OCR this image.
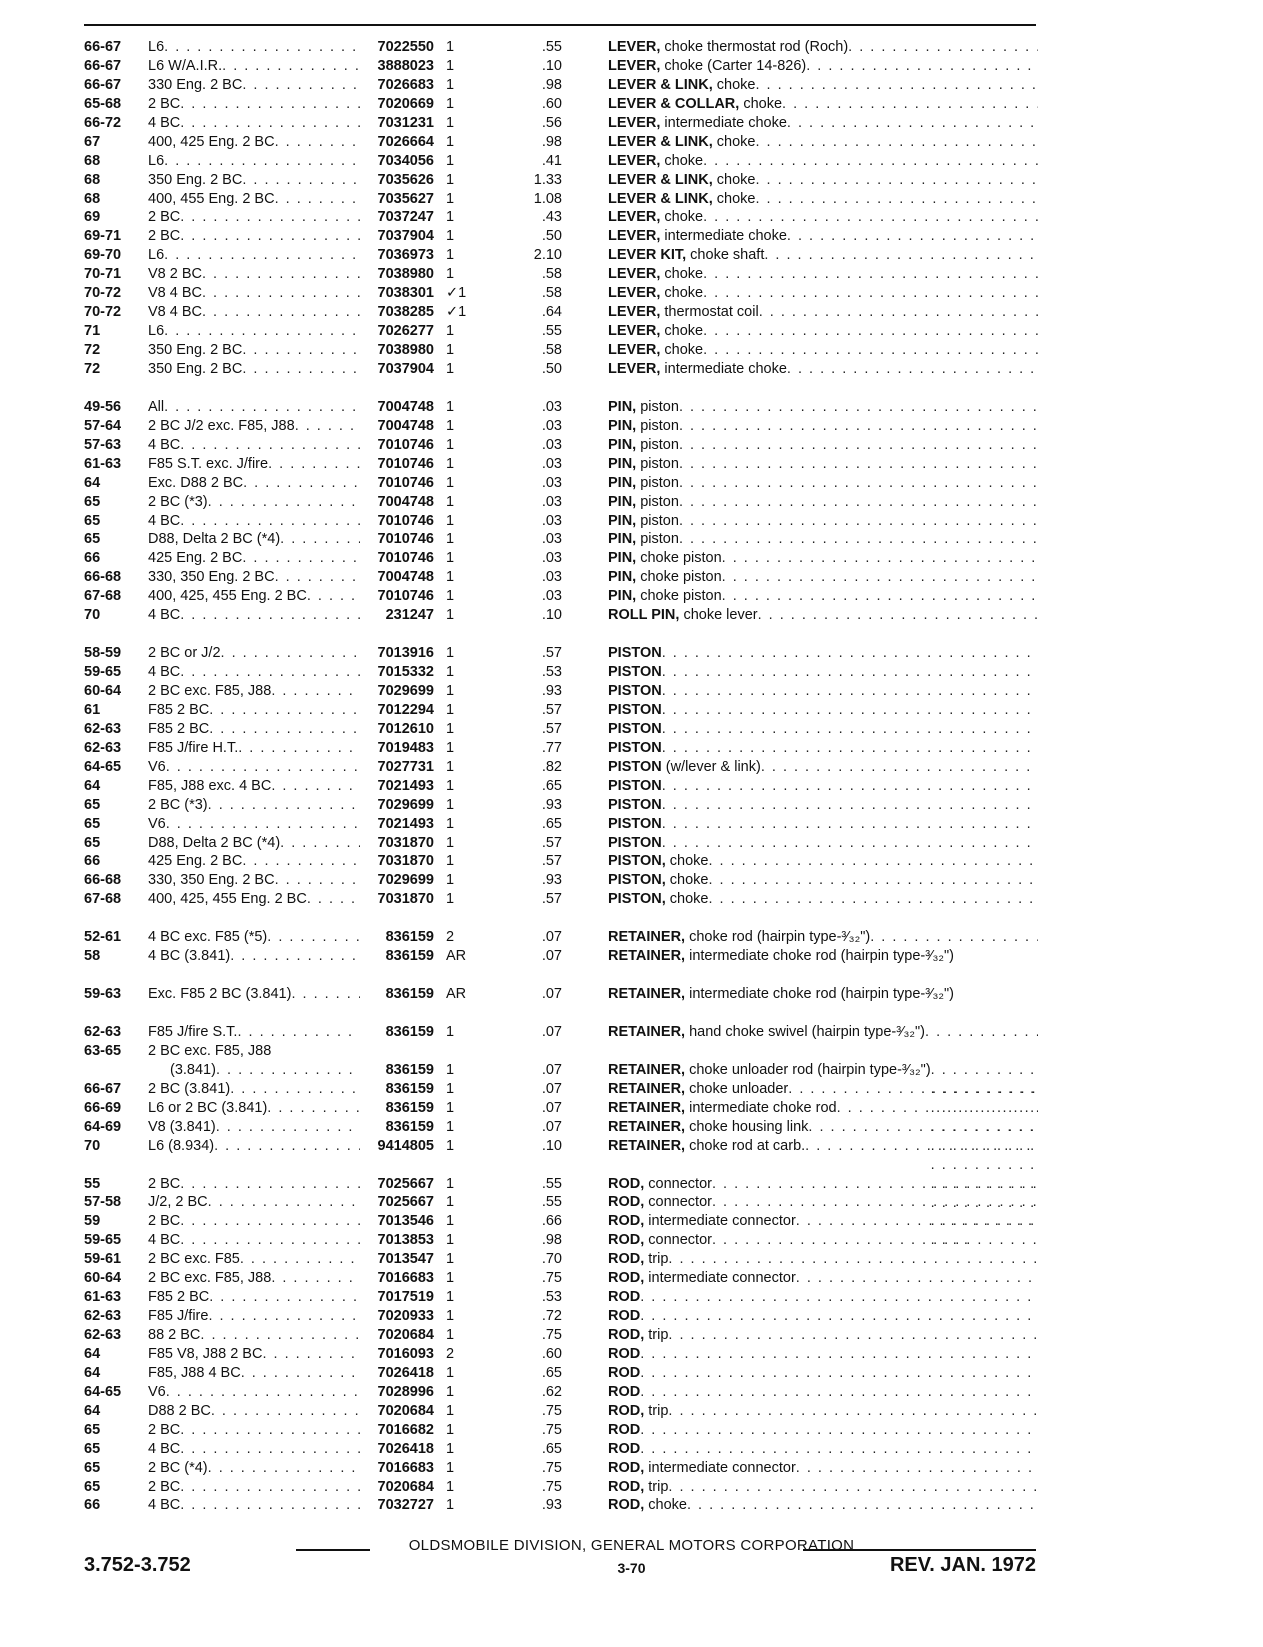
66-67	L6 . . .	7022550 1	.55	LEVER, choke thermostat rod (Roch)
. . .
66-67	L6 W/A.I.R. . . .	3888023 1	.10	LEVER, choke (Carter 14-826)
. . .
66-67	330 Eng. 2 BC . . .	7026683 1	.98	LEVER & LINK, choke
. . .
65-68	2 BC . . .	7020669 1	.60	LEVER & COLLAR, choke
. . .
66-72	4 BC . . .	7031231 1	.56	LEVER, intermediate choke
. . .
67	400, 425 Eng. 2 BC . . .	7026664 1	.98	LEVER & LINK, choke
. . .
68	L6 . . .	7034056 1	.41	LEVER, choke
. . .
68	350 Eng. 2 BC . . .	7035626 1	1.33	LEVER & LINK, choke
. . .
68	400, 455 Eng. 2 BC . . .	7035627 1	1.08	LEVER & LINK, choke
. . .
69	2 BC . . .	7037247 1	.43	LEVER, choke
. . .
69-71	2 BC . . .	7037904 1	.50	LEVER, intermediate choke
. . .
69-70	L6 . . .	7036973 1	2.10	LEVER KIT, choke shaft
. . .
70-71	V8 2 BC . . .	7038980 1	.58	LEVER, choke
. . .
70-72	V8 4 BC . . .	7038301 ✓1	.58	LEVER, choke
. . .
70-72	V8 4 BC . . .	7038285 ✓1	.64	LEVER, thermostat coil
. . .
71	L6 . . .	7026277 1	.55	LEVER, choke
. . .
72	350 Eng. 2 BC . . .	7038980 1	.58	LEVER, choke
. . .
72	350 Eng. 2 BC . . .	7037904 1	.50	LEVER, intermediate choke
. . .
49-56	All . . .	7004748 1	.03	PIN, piston
. . .
57-64	2 BC J/2 exc. F85, J88 . . .	7004748 1	.03	PIN, piston
. . .
57-63	4 BC . . .	7010746 1	.03	PIN, piston
. . .
61-63	F85 S.T. exc. J/fire . . .	7010746 1	.03	PIN, piston
. . .
64	Exc. D88 2 BC . . .	7010746 1	.03	PIN, piston
. . .
65	2 BC (*3) . . .	7004748 1	.03	PIN, piston
. . .
65	4 BC . . .	7010746 1	.03	PIN, piston
. . .
65	D88, Delta 2 BC (*4) . . .	7010746 1	.03	PIN, piston
. . .
66	425 Eng. 2 BC . . .	7010746 1	.03	PIN, choke piston
. . .
66-68	330, 350 Eng. 2 BC . . .	7004748 1	.03	PIN, choke piston
. . .
67-68	400, 425, 455 Eng. 2 BC . . .	7010746 1	.03	PIN, choke piston
. . .
70	4 BC . . .	231247 1	.10	ROLL PIN, choke lever
. . .
58-59	2 BC or J/2 . . .	7013916 1	.57	PISTON
. . .
59-65	4 BC . . .	7015332 1	.53	PISTON
. . .
60-64	2 BC exc. F85, J88 . . .	7029699 1	.93	PISTON
. . .
61	F85 2 BC . . .	7012294 1	.57	PISTON
. . .
62-63	F85 2 BC . . .	7012610 1	.57	PISTON
. . .
62-63	F85 J/fire H.T. . . .	7019483 1	.77	PISTON
. . .
64-65	V6 . . .	7027731 1	.82	PISTON (w/lever & link)
. . .
64	F85, J88 exc. 4 BC . . .	7021493 1	.65	PISTON
. . .
65	2 BC (*3) . . .	7029699 1	.93	PISTON
. . .
65	V6 . . .	7021493 1	.65	PISTON
. . .
65	D88, Delta 2 BC (*4) . . .	7031870 1	.57	PISTON
. . .
66	425 Eng. 2 BC . . .	7031870 1	.57	PISTON, choke
. . .
66-68	330, 350 Eng. 2 BC . . .	7029699 1	.93	PISTON, choke
. . .
67-68	400, 425, 455 Eng. 2 BC . . .	7031870 1	.57	PISTON, choke
. . .
52-61	4 BC exc. F85 (*5) . . .	836159 2	.07	RETAINER, choke rod (hairpin type-³⁄₃₂")
. . .
58	4 BC (3.841) . . .	836159 AR	.07	RETAINER, intermediate choke rod (hairpin type-³⁄₃₂")
59-63	Exc. F85 2 BC (3.841) . . .	836159 AR	.07	RETAINER, intermediate choke rod (hairpin type-³⁄₃₂")
62-63	F85 J/fire S.T. . . .	836159 1	.07	RETAINER, hand choke swivel (hairpin type-³⁄₃₂")
. . .
63-65	2 BC exc. F85, J88
(3.841) . . .	836159 1	.07	RETAINER, choke unloader rod (hairpin type-³⁄₃₂")
. . .
66-67	2 BC (3.841) . . .	836159 1	.07	RETAINER, choke unloader
. . .
66-69	L6 or 2 BC (3.841) . . .	836159 1	.07	RETAINER, intermediate choke rod
. . .
64-69	V8 (3.841) . . .	836159 1	.07	RETAINER, choke housing link
. . .
70	L6 (8.934) . . .	9414805 1	.10	RETAINER, choke rod at carb.
. . .
55	2 BC . . .	7025667 1	.55	ROD, connector
. . .
57-58	J/2, 2 BC . . .	7025667 1	.55	ROD, connector
. . .
59	2 BC . . .	7013546 1	.66	ROD, intermediate connector
. . .
59-65	4 BC . . .	7013853 1	.98	ROD, connector
. . .
59-61	2 BC exc. F85 . . .	7013547 1	.70	ROD, trip
. . .
60-64	2 BC exc. F85, J88 . . .	7016683 1	.75	ROD, intermediate connector
. . .
61-63	F85 2 BC . . .	7017519 1	.53	ROD
. . .
62-63	F85 J/fire . . .	7020933 1	.72	ROD
. . .
62-63	88 2 BC . . .	7020684 1	.75	ROD, trip
. . .
64	F85 V8, J88 2 BC . . .	7016093 2	.60	ROD
. . .
64	F85, J88 4 BC . . .	7026418 1	.65	ROD
. . .
64-65	V6 . . .	7028996 1	.62	ROD
. . .
64	D88 2 BC . . .	7020684 1	.75	ROD, trip
. . .
65	2 BC . . .	7016682 1	.75	ROD
. . .
65	4 BC . . .	7026418 1	.65	ROD
. . .
65	2 BC (*4) . . .	7016683 1	.75	ROD, intermediate connector
. . .
65	2 BC . . .	7020684 1	.75	ROD, trip
. . .
66	4 BC . . .	7032727 1	.93	ROD, choke
. . .
OLDSMOBILE DIVISION, GENERAL MOTORS CORPORATION
3.752-3.752	3-70	REV. JAN. 1972
